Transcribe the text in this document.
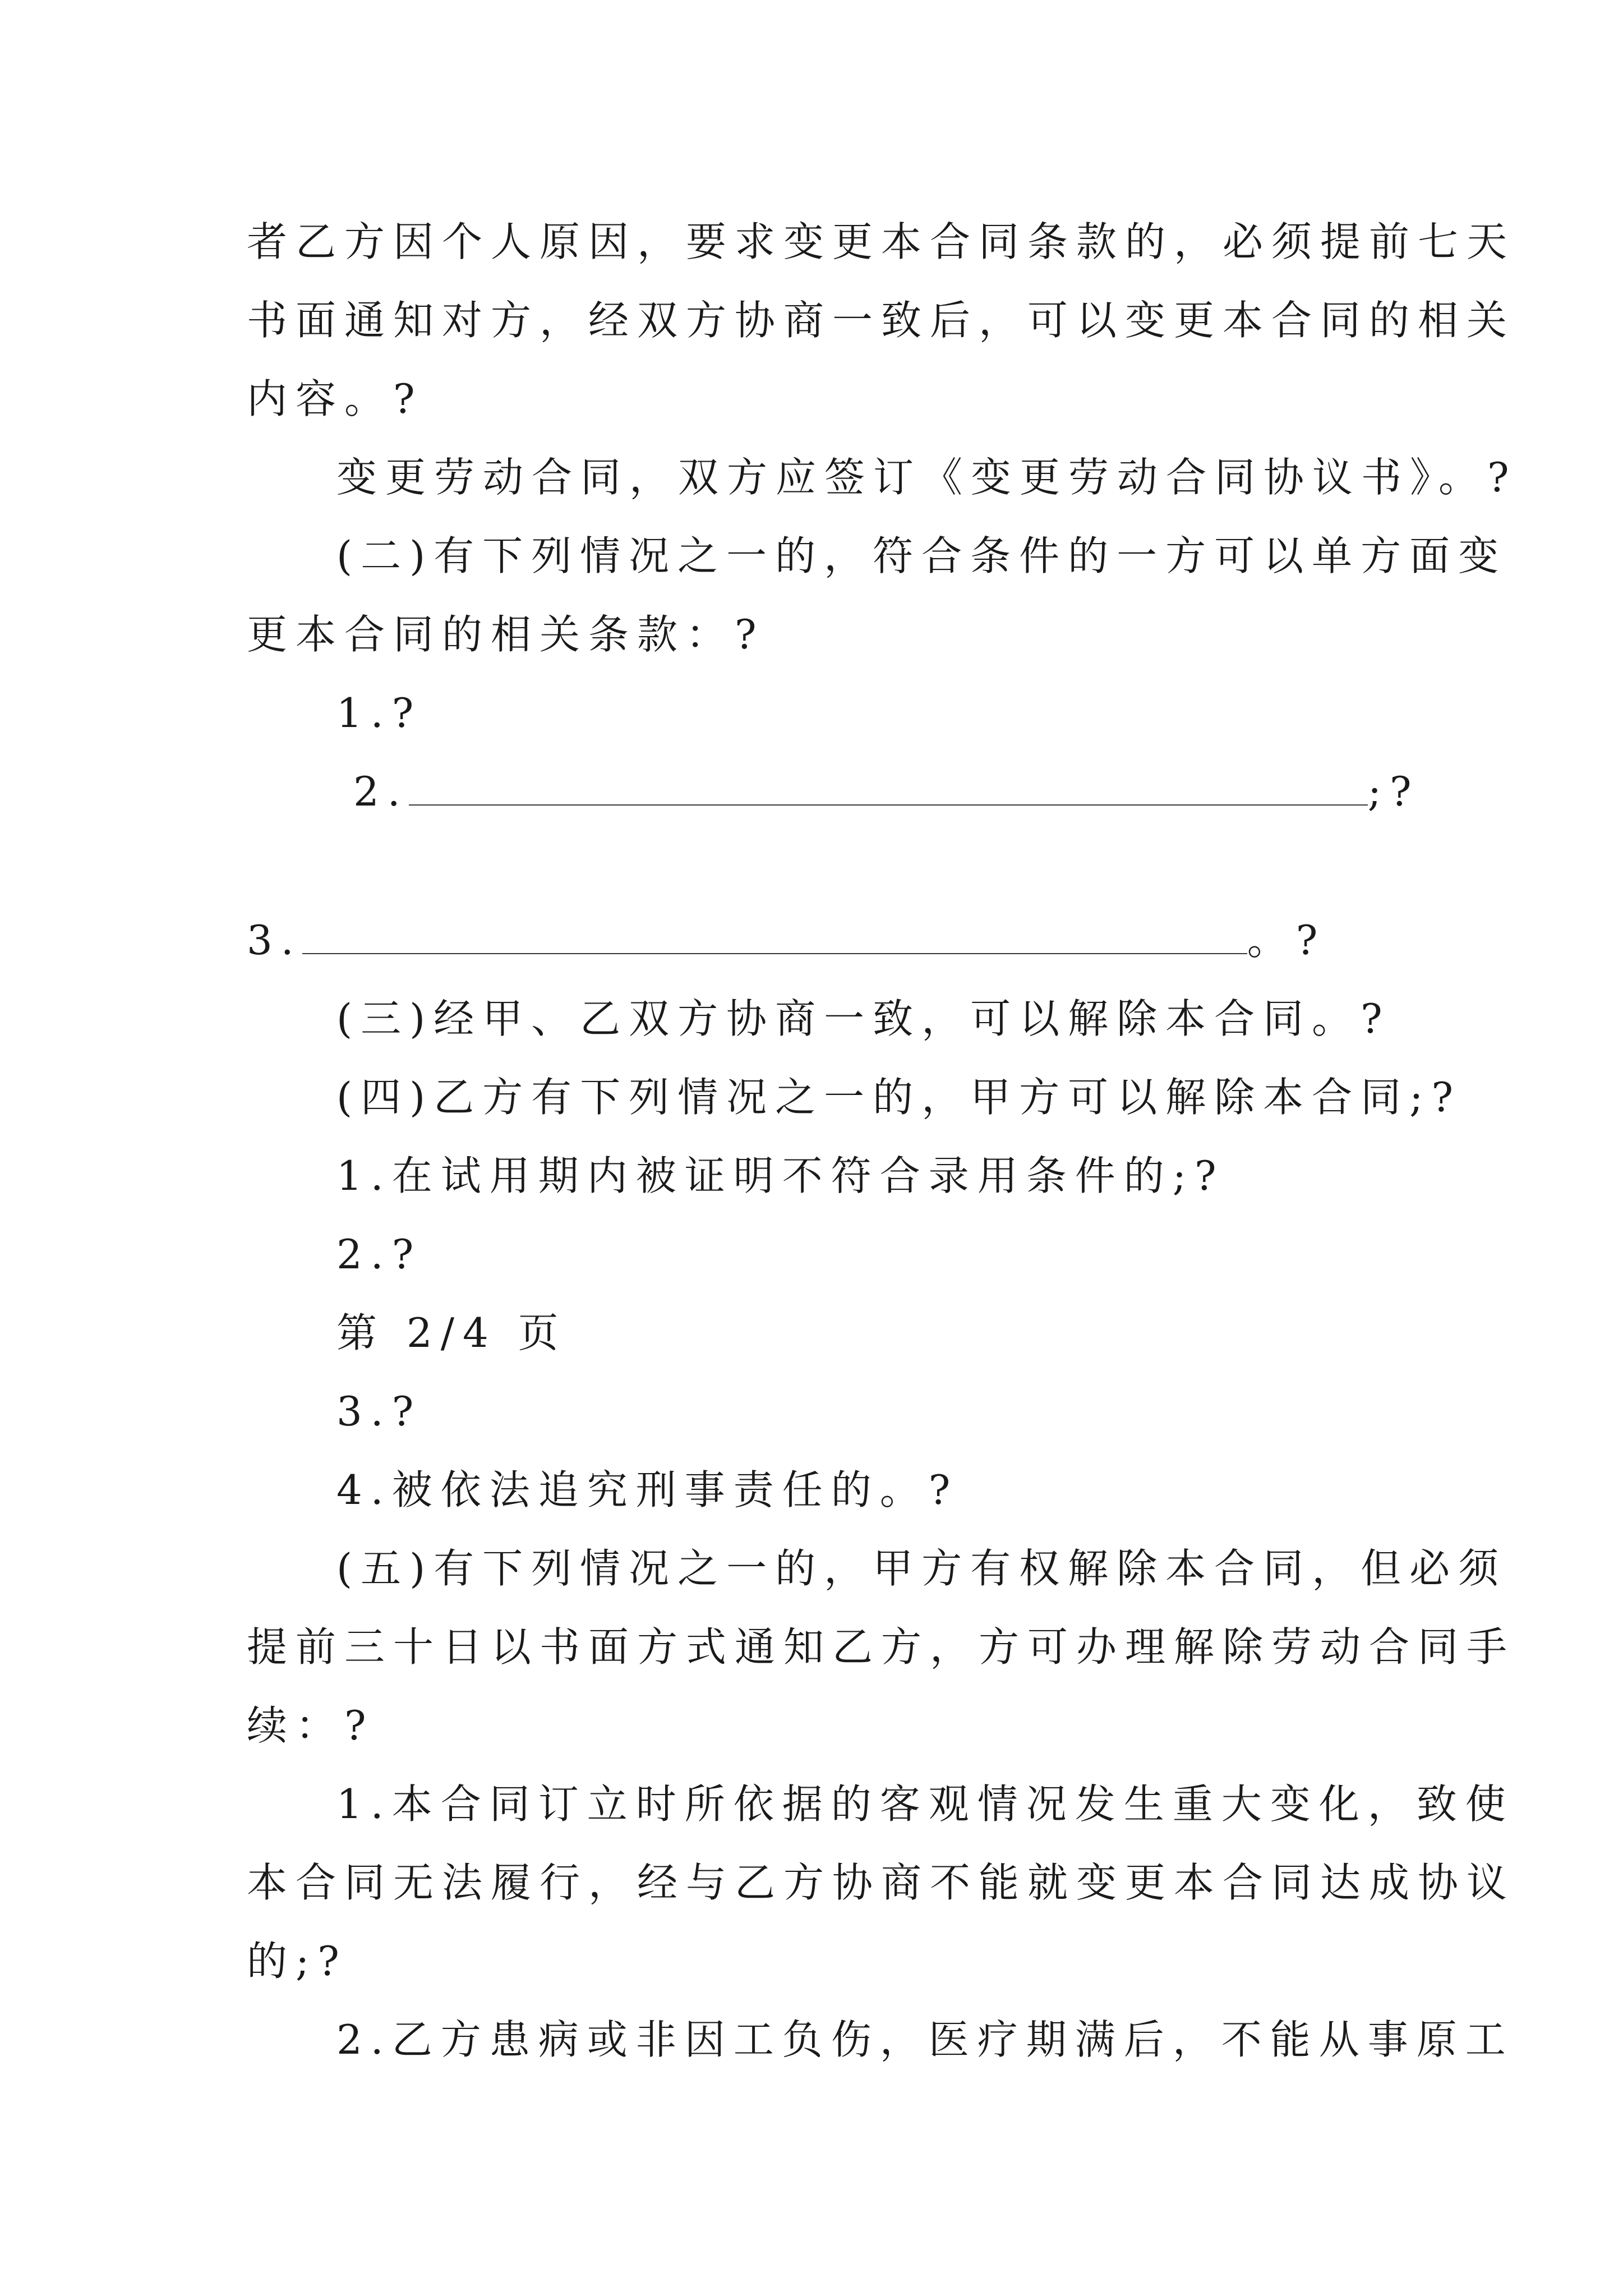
者乙方因个人原因，要求变更本合同条款的，必须提前七天
书面通知对方，经双方协商一致后，可以变更本合同的相关
内容。?
变更劳动合同，双方应签订《变更劳动合同协议书》。?
(二)有下列情况之一的，符合条件的一方可以单方面变
更本合同的相关条款：?
1.?
2.	;?
3.	。?
(三)经甲、乙双方协商一致，可以解除本合同。?
(四)乙方有下列情况之一的，甲方可以解除本合同;?
1.在试用期内被证明不符合录用条件的;?
2.?
第 2/4 页
3.?
4.被依法追究刑事责任的。?
(五)有下列情况之一的，甲方有权解除本合同，但必须
提前三十日以书面方式通知乙方，方可办理解除劳动合同手
续：?
1.本合同订立时所依据的客观情况发生重大变化，致使
本合同无法履行，经与乙方协商不能就变更本合同达成协议
的;?
2.乙方患病或非因工负伤，医疗期满后，不能从事原工
